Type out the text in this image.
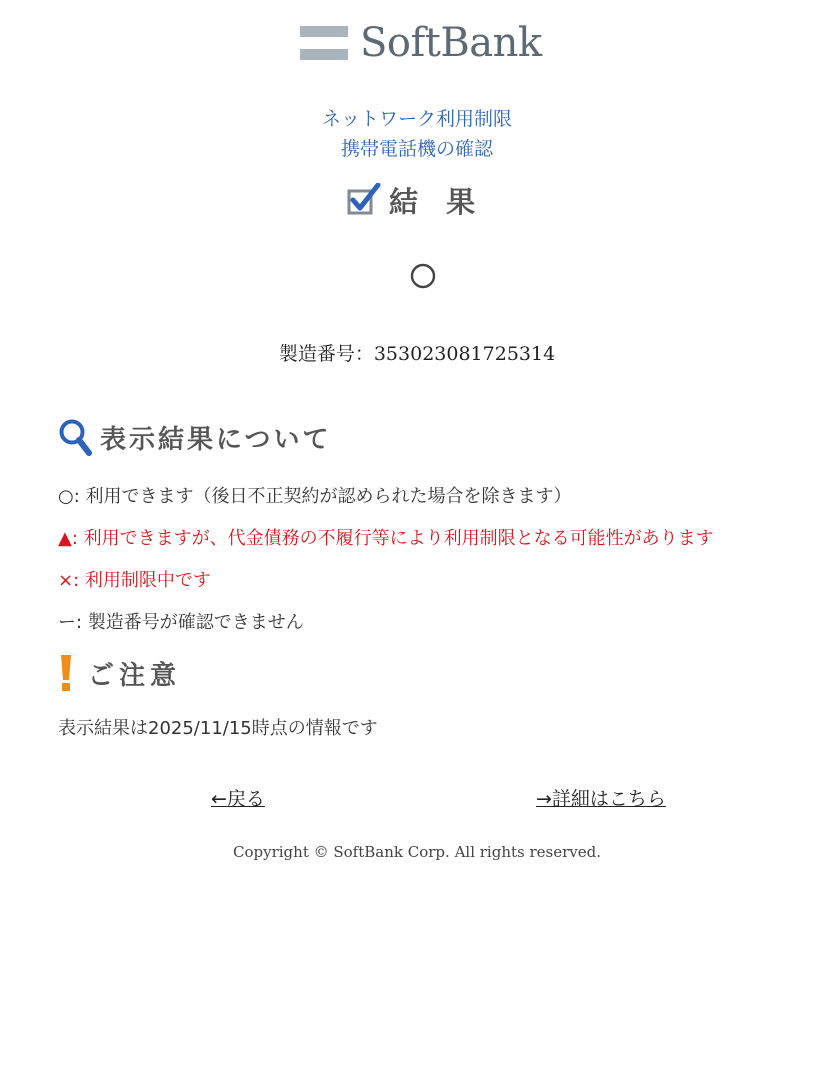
SoftBank
ネットワーク利用制限
携帯電話機の確認
結 果
製造番号：353023081725314
表示結果について
○: 利用できます（後日不正契約が認められた場合を除きます）
▲: 利用できますが、代金債務の不履行等により利用制限となる可能性があります
×: 利用制限中です
ー: 製造番号が確認できません
ご注意
表示結果は2025/11/15時点の情報です
←戻る	→詳細はこちら
Copyright © SoftBank Corp. All rights reserved.
